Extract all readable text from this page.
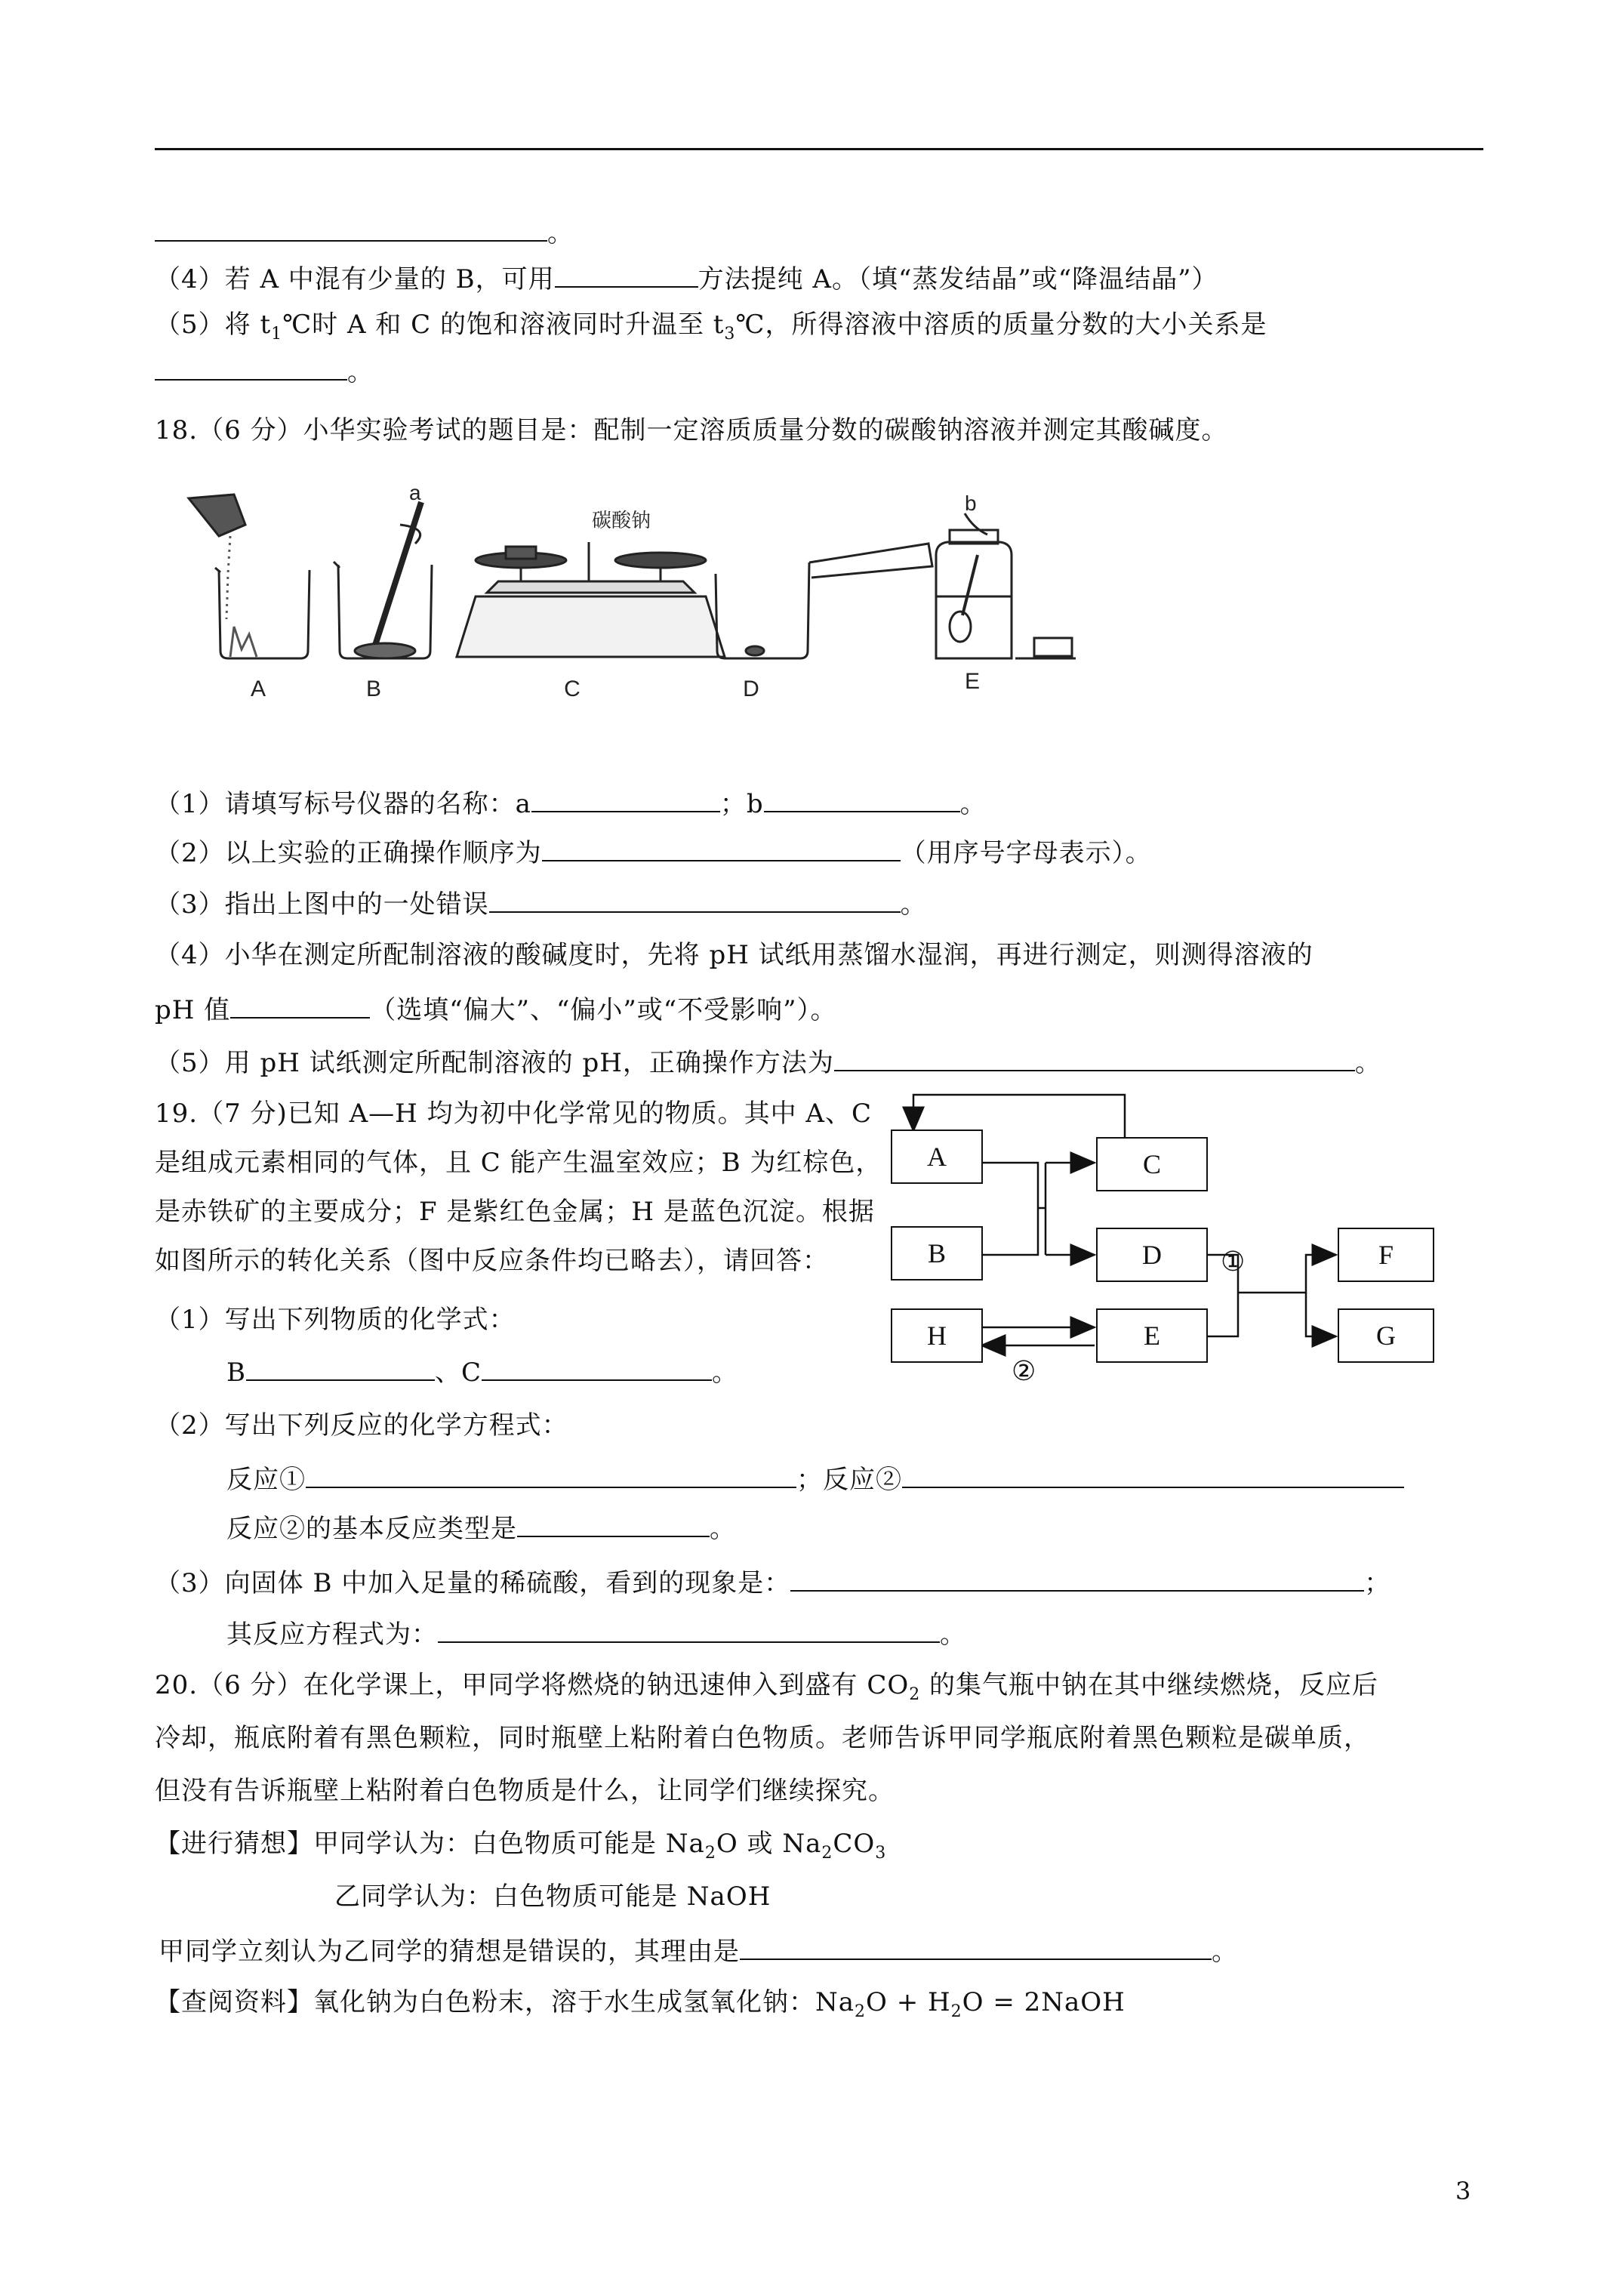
。
（4）若 A 中混有少量的 B，可用	方法提纯 A。（填“蒸发结晶”或“降温结晶”）
（5）将 $t_1℃$时 A 和 C 的饱和溶液同时升温至 $t_3℃$，所得溶液中溶质的质量分数的大小关系是
。
18.（6 分）小华实验考试的题目是：配制一定溶质质量分数的碳酸钠溶液并测定其酸碱度。
A	B	C	D	E
a	b
碳酸钠
（1）请填写标号仪器的名称：a	；b	。
（2）以上实验的正确操作顺序为	（用序号字母表示）。
（3）指出上图中的一处错误	。
（4）小华在测定所配制溶液的酸碱度时，先将 pH 试纸用蒸馏水湿润，再进行测定，则测得溶液的
pH 值	（选填“偏大”、“偏小”或“不受影响”）。
（5）用 pH 试纸测定所配制溶液的 pH，正确操作方法为	。
19.（7 分)已知 A—H 均为初中化学常见的物质。其中 A、C
是组成元素相同的气体，且 C 能产生温室效应；B 为红棕色，
是赤铁矿的主要成分；F 是紫红色金属；H 是蓝色沉淀。根据
如图所示的转化关系（图中反应条件均已略去），请回答：
（1）写出下列物质的化学式：
B	、C	。
A
B
C
D
E
H
F
G
①
②
（2）写出下列反应的化学方程式：
反应①	；反应②
反应②的基本反应类型是	。
（3）向固体 B 中加入足量的稀硫酸，看到的现象是：	；
其反应方程式为：	。
20.（6 分）在化学课上，甲同学将燃烧的钠迅速伸入到盛有 $CO_2$ 的集气瓶中钠在其中继续燃烧，反应后
冷却，瓶底附着有黑色颗粒，同时瓶壁上粘附着白色物质。老师告诉甲同学瓶底附着黑色颗粒是碳单质，
但没有告诉瓶壁上粘附着白色物质是什么，让同学们继续探究。
【进行猜想】甲同学认为：白色物质可能是 $Na_2O$ 或 $Na_2CO_3$
乙同学认为：白色物质可能是 NaOH
甲同学立刻认为乙同学的猜想是错误的，其理由是	。
【查阅资料】氧化钠为白色粉末，溶于水生成氢氧化钠：$Na_2O + H_2O$ = 2NaOH
3
